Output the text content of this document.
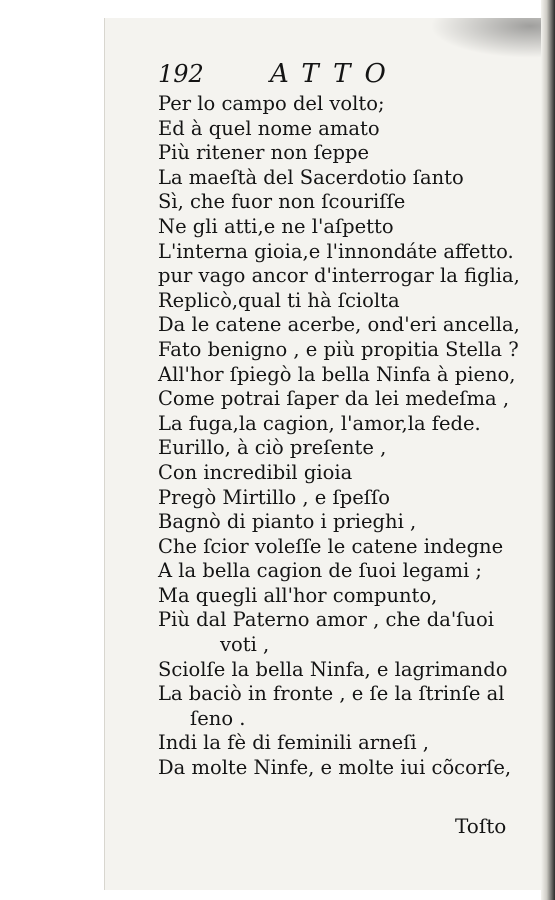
192	ATTO
Per lo campo del volto;
Ed à quel nome amato
Più ritener non ſeppe
La maeſtà del Sacerdotio ſanto
Sì, che fuor non ſcouriſſe
Ne gli atti,e ne l'aſpetto
L'interna gioia,e l'innondáte affetto.
pur vago ancor d'interrogar la figlia,
Replicò,qual ti hà ſciolta
Da le catene acerbe, ond'eri ancella,
Fato benigno , e più propitia Stella ?
All'hor ſpiegò la bella Ninfa à pieno,
Come potrai ſaper da lei medeſma ,
La fuga,la cagion, l'amor,la fede.
Eurillo, à ciò preſente ,
Con incredibil gioia
Pregò Mirtillo , e ſpeſſo
Bagnò di pianto i prieghi ,
Che ſcior voleſſe le catene indegne
A la bella cagion de ſuoi legami ;
Ma quegli all'hor compunto,
Più dal Paterno amor , che da'ſuoi
voti ,
Sciolſe la bella Ninfa, e lagrimando
La baciò in fronte , e ſe la ſtrinſe al
ſeno .
Indi la fè di feminili arneſi ,
Da molte Ninfe, e molte iui cõcorſe,
Toſto
